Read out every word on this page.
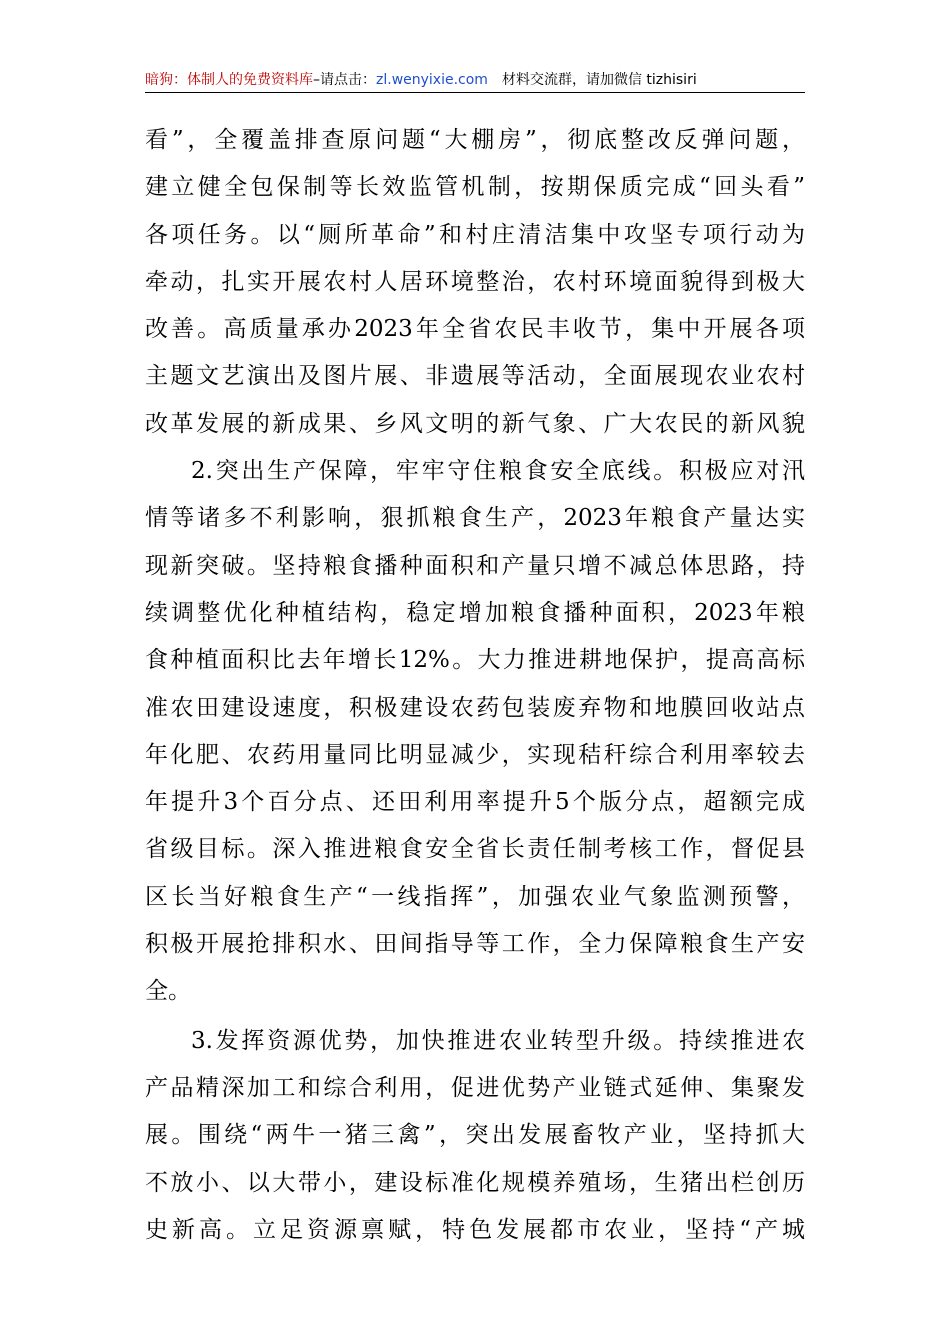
暗狗：体制人的免费资料库–请点击：zl.wenyixie.com 材料交流群，请加微信 tizhisiri
看”，全覆盖排查原问题“大棚房”，彻底整改反弹问题，
建立健全包保制等长效监管机制，按期保质完成“回头看”
各项任务。以“厕所革命”和村庄清洁集中攻坚专项行动为
牵动，扎实开展农村人居环境整治，农村环境面貌得到极大
改善。高质量承办2023年全省农民丰收节，集中开展各项
主题文艺演出及图片展、非遗展等活动，全面展现农业农村
改革发展的新成果、乡风文明的新气象、广大农民的新风貌
2.突出生产保障，牢牢守住粮食安全底线。积极应对汛
情等诸多不利影响，狠抓粮食生产，2023年粮食产量达实
现新突破。坚持粮食播种面积和产量只增不减总体思路，持
续调整优化种植结构，稳定增加粮食播种面积，2023年粮
食种植面积比去年增长12%。大力推进耕地保护，提高高标
准农田建设速度，积极建设农药包装废弃物和地膜回收站点
年化肥、农药用量同比明显减少，实现秸秆综合利用率较去
年提升3个百分点、还田利用率提升5个版分点，超额完成
省级目标。深入推进粮食安全省长责任制考核工作，督促县
区长当好粮食生产“一线指挥”，加强农业气象监测预警，
积极开展抢排积水、田间指导等工作，全力保障粮食生产安
全。
3.发挥资源优势，加快推进农业转型升级。持续推进农
产品精深加工和综合利用，促进优势产业链式延伸、集聚发
展。围绕“两牛一猪三禽”，突出发展畜牧产业，坚持抓大
不放小、以大带小，建设标准化规模养殖场，生猪出栏创历
史新高。立足资源禀赋，特色发展都市农业，坚持“产城
